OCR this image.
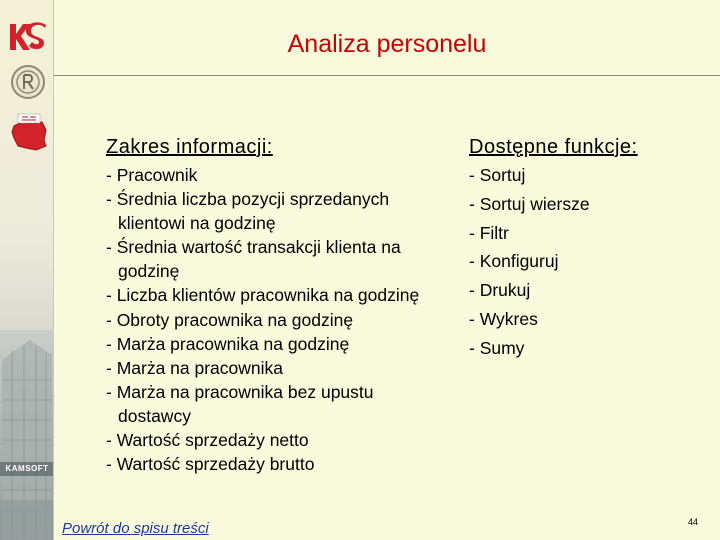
KAMSOFT
Analiza personelu
Zakres informacji:
- Pracownik
- Średnia liczba pozycji sprzedanych klientowi na godzinę
- Średnia wartość transakcji klienta na godzinę
- Liczba klientów pracownika na godzinę
- Obroty pracownika na godzinę
- Marża pracownika na godzinę
- Marża na pracownika
- Marża na pracownika bez upustu dostawcy
- Wartość sprzedaży netto
- Wartość sprzedaży brutto
Dostępne funkcje:
- Sortuj
- Sortuj wiersze
- Filtr
- Konfiguruj
- Drukuj
- Wykres
- Sumy
Powrót do spisu treści	44
